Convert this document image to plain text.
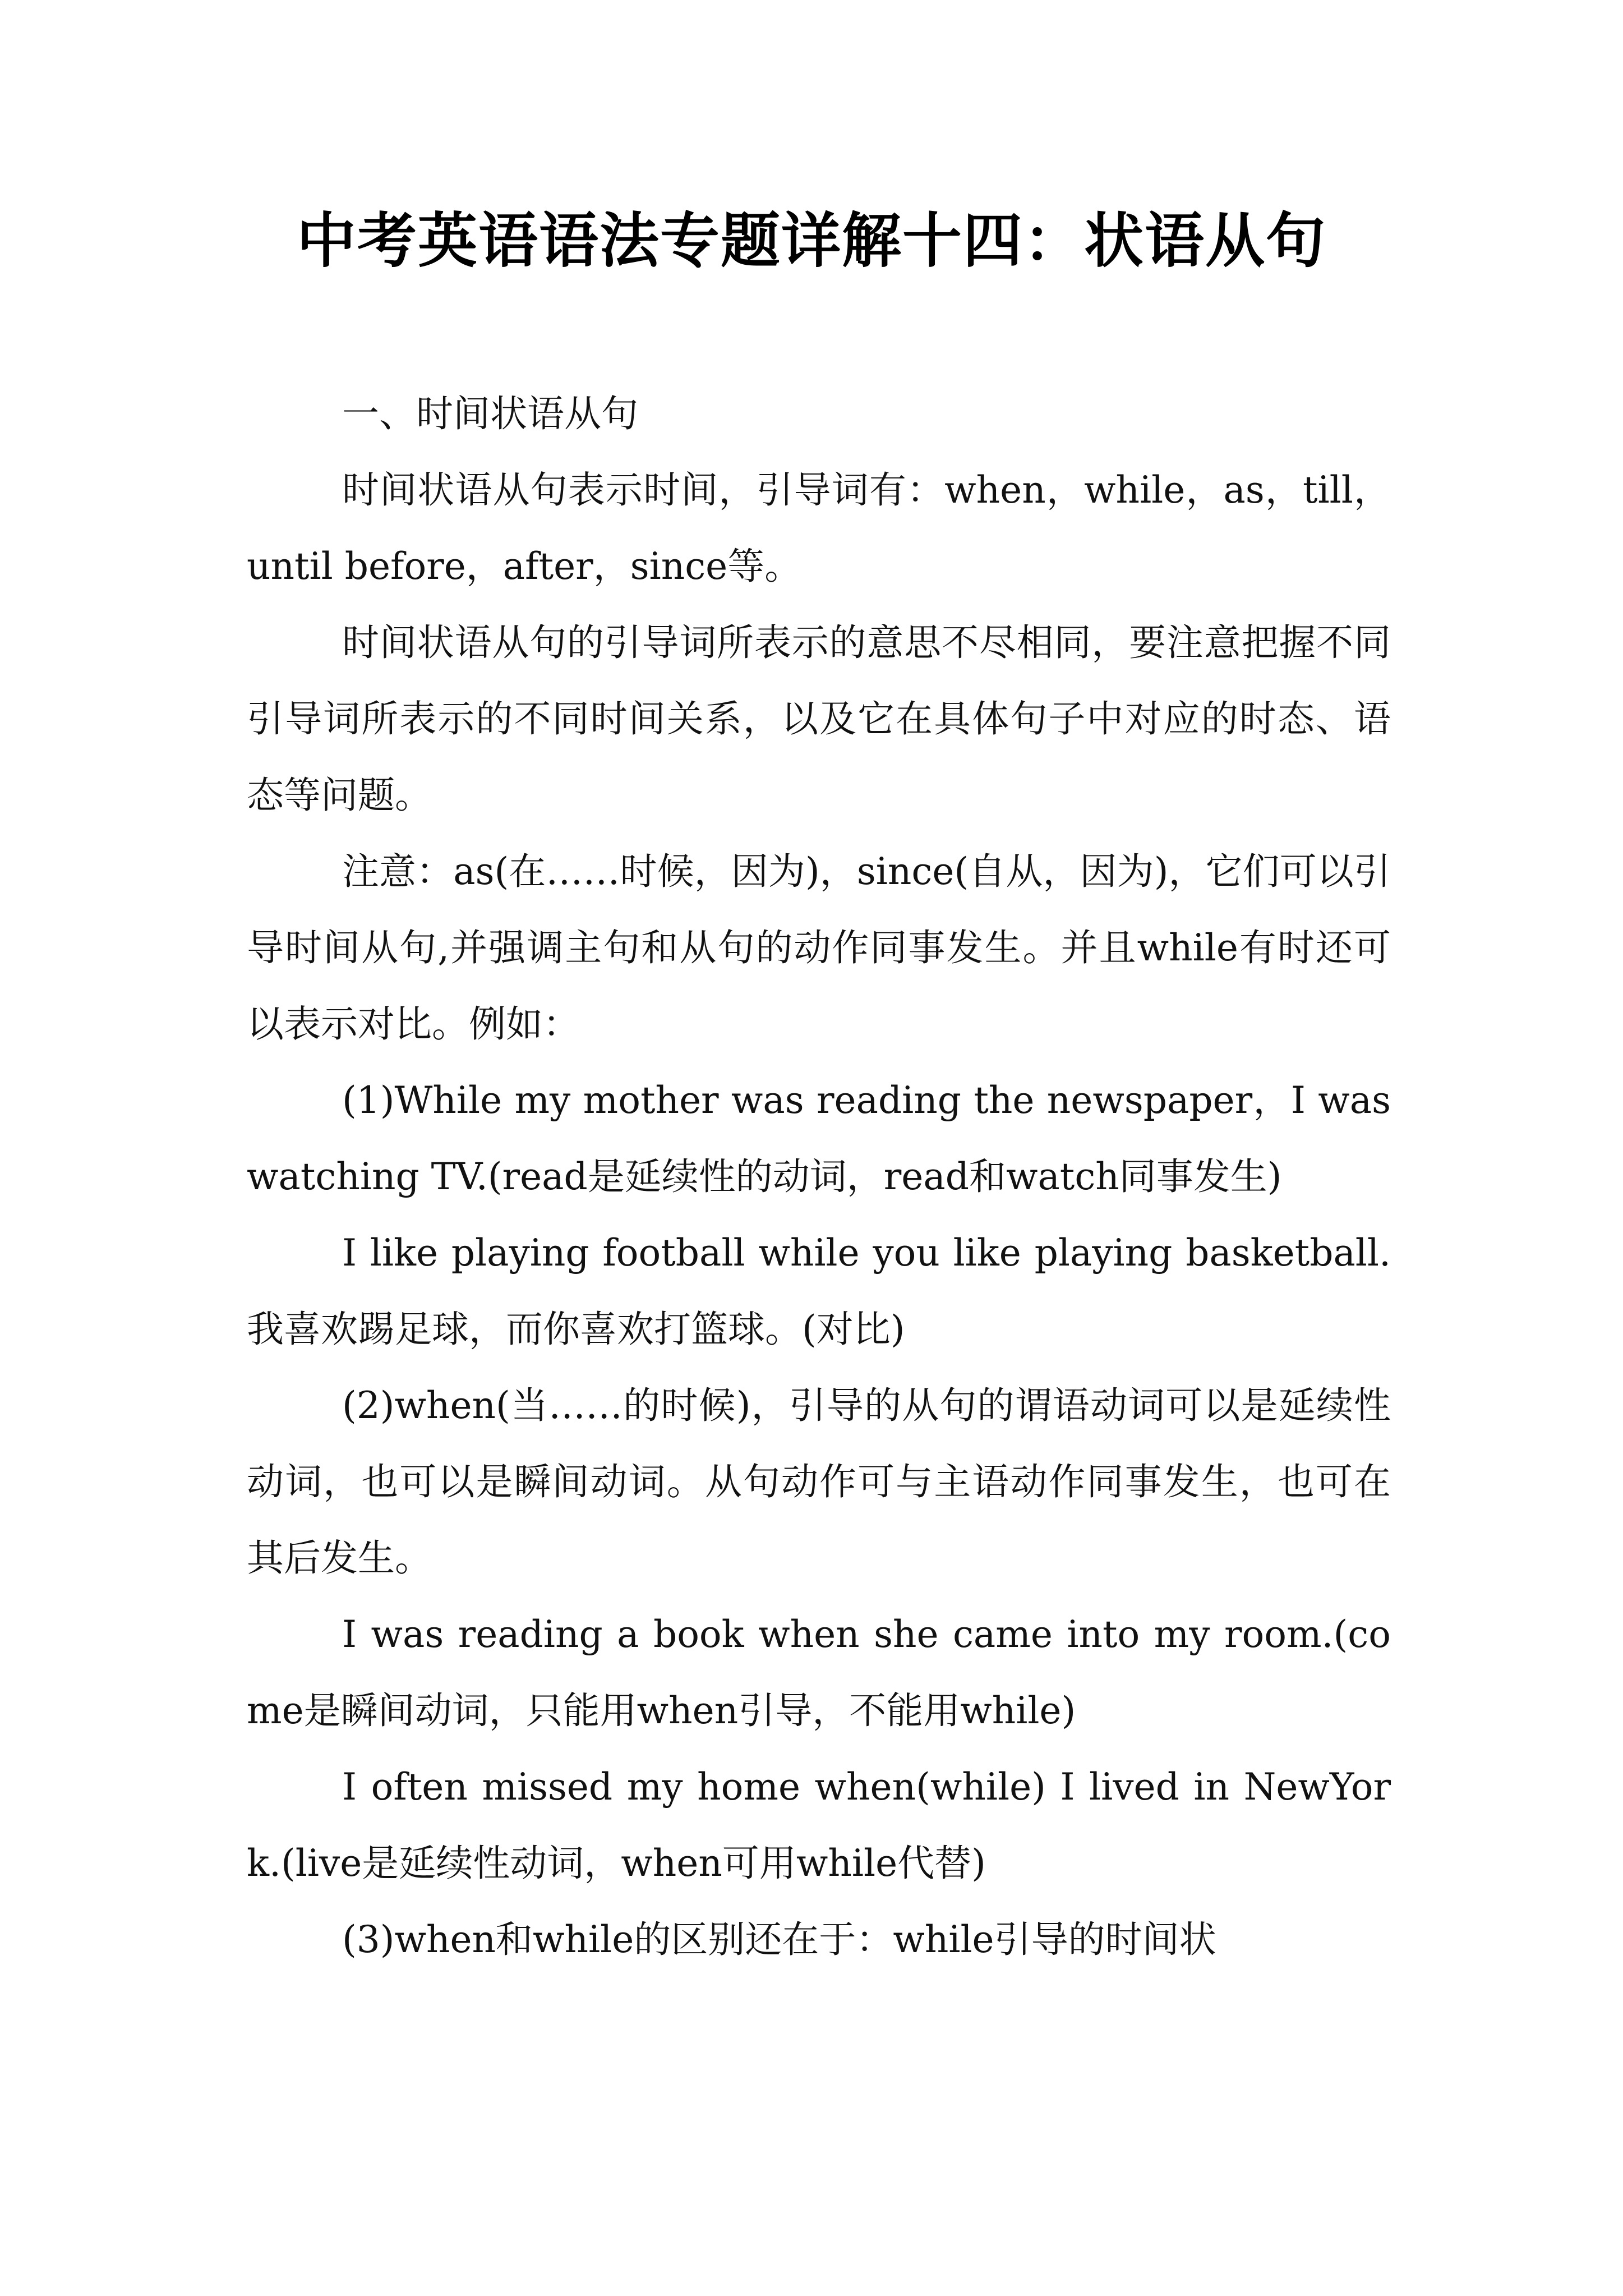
中考英语语法专题详解十四：状语从句

一、时间状语从句

时间状语从句表示时间，引导词有：when，while，as，till，until before，after，since等。

时间状语从句的引导词所表示的意思不尽相同，要注意把握不同引导词所表示的不同时间关系，以及它在具体句子中对应的时态、语态等问题。

注意：as(在……时候，因为)，since(自从，因为)，它们可以引导时间从句,并强调主句和从句的动作同事发生。并且while有时还可以表示对比。例如：

(1)While my mother was reading the newspaper，I was watching TV.(read是延续性的动词，read和watch同事发生)

I like playing football while you like playing basketball.我喜欢踢足球，而你喜欢打篮球。(对比)

(2)when(当……的时候)，引导的从句的谓语动词可以是延续性动词，也可以是瞬间动词。从句动作可与主语动作同事发生，也可在其后发生。

I was reading a book when she came into my room.(come是瞬间动词，只能用when引导，不能用while)

I often missed my home when(while) I lived in NewYork.(live是延续性动词，when可用while代替)

(3)when和while的区别还在于：while引导的时间状
